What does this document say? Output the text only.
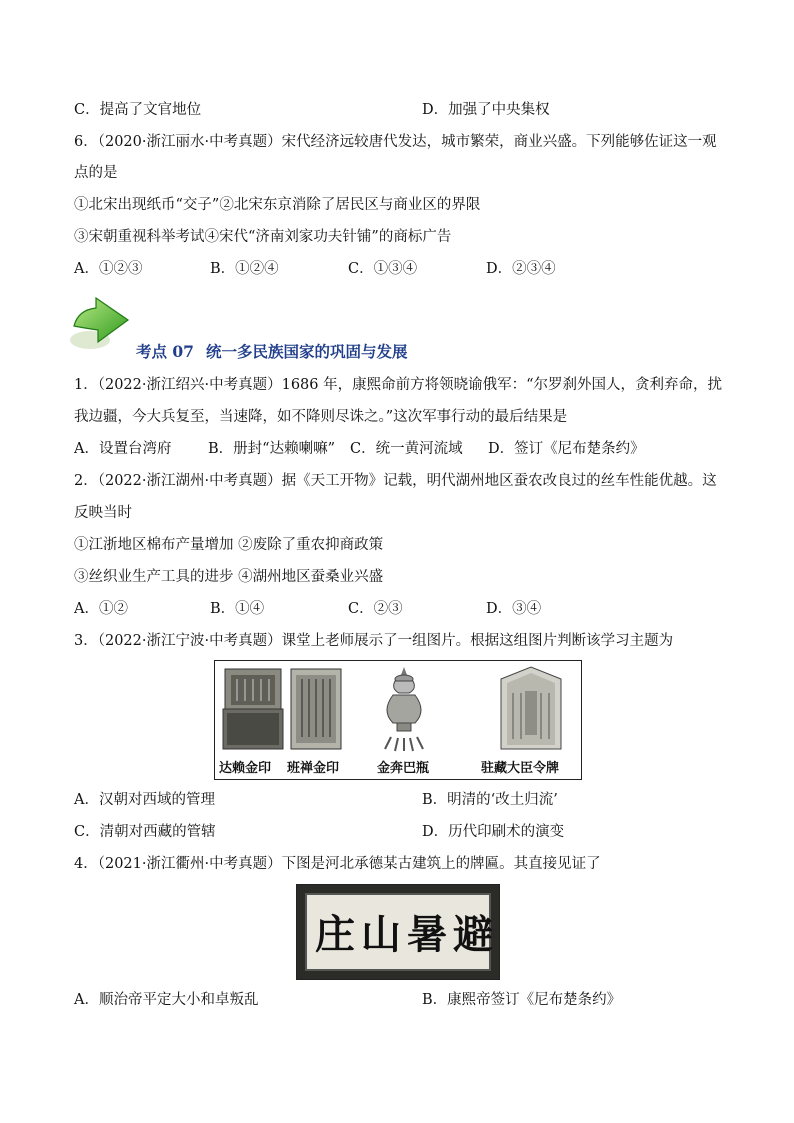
C．提高了文官地位	D．加强了中央集权
6．（2020·浙江丽水·中考真题）宋代经济远较唐代发达，城市繁荣，商业兴盛。下列能够佐证这一观
点的是
①北宋出现纸币“交子”②北宋东京消除了居民区与商业区的界限
③宋朝重视科举考试④宋代“济南刘家功夫针铺”的商标广告
A．①②③	B．①②④	C．①③④	D．②③④
考点 07 统一多民族国家的巩固与发展
1．（2022·浙江绍兴·中考真题）1686 年，康熙命前方将领晓谕俄军：“尔罗刹外国人，贪利弃命，扰
我边疆，今大兵复至，当速降，如不降则尽诛之。”这次军事行动的最后结果是
A．设置台湾府	B．册封“达赖喇嘛” C．统一黄河流域 D．签订《尼布楚条约》
2．（2022·浙江湖州·中考真题）据《天工开物》记载，明代湖州地区蚕农改良过的丝车性能优越。这
反映当时
①江浙地区棉布产量增加 ②废除了重农抑商政策
③丝织业生产工具的进步 ④湖州地区蚕桑业兴盛
A．①②	B．①④	C．②③	D．③④
3．（2022·浙江宁波·中考真题）课堂上老师展示了一组图片。根据这组图片判断该学习主题为
达赖金印 班禅金印	金奔巴瓶	驻藏大臣令牌
A．汉朝对西域的管理	B．明清的‘改土归流’
C．清朝对西藏的管辖	D．历代印刷术的演变
4．（2021·浙江衢州·中考真题）下图是河北承德某古建筑上的牌匾。其直接见证了
庄山暑避
A．顺治帝平定大小和卓叛乱	B．康熙帝签订《尼布楚条约》
